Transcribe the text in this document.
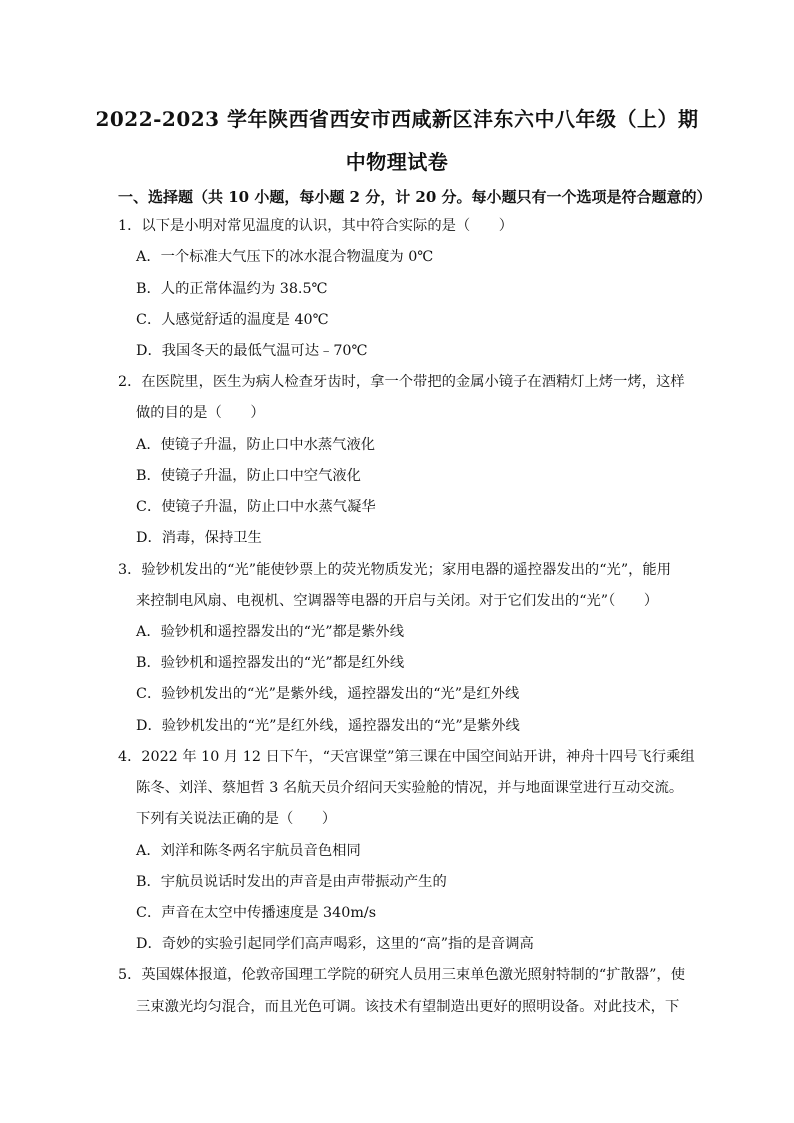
2022-2023 学年陕西省西安市西咸新区沣东六中八年级（上）期
中物理试卷
一、选择题（共 10 小题，每小题 2 分，计 20 分。每小题只有一个选项是符合题意的）
1．以下是小明对常见温度的认识，其中符合实际的是（　　）
A．一个标准大气压下的冰水混合物温度为 0℃
B．人的正常体温约为 38.5℃
C．人感觉舒适的温度是 40℃
D．我国冬天的最低气温可达﹣70℃
2．在医院里，医生为病人检查牙齿时，拿一个带把的金属小镜子在酒精灯上烤一烤，这样
做的目的是（　　）
A．使镜子升温，防止口中水蒸气液化
B．使镜子升温，防止口中空气液化
C．使镜子升温，防止口中水蒸气凝华
D．消毒，保持卫生
3．验钞机发出的“光”能使钞票上的荧光物质发光；家用电器的遥控器发出的“光”，能用
来控制电风扇、电视机、空调器等电器的开启与关闭。对于它们发出的“光”（　　）
A．验钞机和遥控器发出的“光”都是紫外线
B．验钞机和遥控器发出的“光”都是红外线
C．验钞机发出的“光”是紫外线，遥控器发出的“光”是红外线
D．验钞机发出的“光”是红外线，遥控器发出的“光”是紫外线
4．2022 年 10 月 12 日下午，“天宫课堂”第三课在中国空间站开讲，神舟十四号飞行乘组
陈冬、刘洋、蔡旭哲 3 名航天员介绍问天实验舱的情况，并与地面课堂进行互动交流。
下列有关说法正确的是（　　）
A．刘洋和陈冬两名宇航员音色相同
B．宇航员说话时发出的声音是由声带振动产生的
C．声音在太空中传播速度是 340m/s
D．奇妙的实验引起同学们高声喝彩，这里的“高”指的是音调高
5．英国媒体报道，伦敦帝国理工学院的研究人员用三束单色激光照射特制的“扩散器”，使
三束激光均匀混合，而且光色可调。该技术有望制造出更好的照明设备。对此技术，下
